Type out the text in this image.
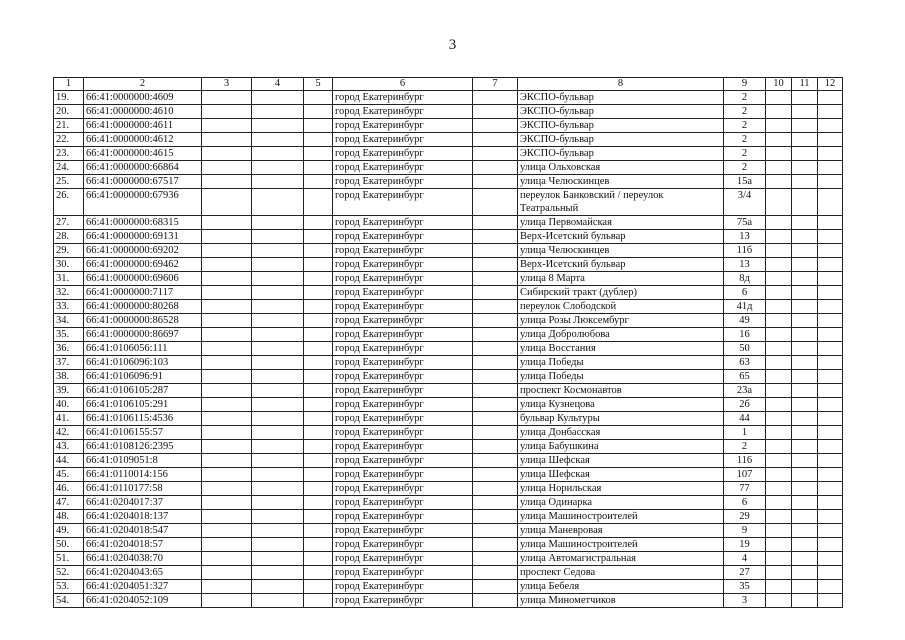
3
1	2	3	4	5	6	7	8	9	10	11	12
19.	66:41:0000000:4609				город Екатеринбург		ЭКСПО-бульвар	2			
20.	66:41:0000000:4610				город Екатеринбург		ЭКСПО-бульвар	2			
21.	66:41:0000000:4611				город Екатеринбург		ЭКСПО-бульвар	2			
22.	66:41:0000000:4612				город Екатеринбург		ЭКСПО-бульвар	2			
23.	66:41:0000000:4615				город Екатеринбург		ЭКСПО-бульвар	2			
24.	66:41:0000000:66864				город Екатеринбург		улица Ольховская	2			
25.	66:41:0000000:67517				город Екатеринбург		улица Челюскинцев	15а			
26.	66:41:0000000:67936				город Екатеринбург		переулок Банковский / переулок Театральный	3/4			
27.	66:41:0000000:68315				город Екатеринбург		улица Первомайская	75а			
28.	66:41:0000000:69131				город Екатеринбург		Верх-Исетский бульвар	13			
29.	66:41:0000000:69202				город Екатеринбург		улица Челюскинцев	11б			
30.	66:41:0000000:69462				город Екатеринбург		Верх-Исетский бульвар	13			
31.	66:41:0000000:69606				город Екатеринбург		улица 8 Марта	8д			
32.	66:41:0000000:7117				город Екатеринбург		Сибирский тракт (дублер)	6			
33.	66:41:0000000:80268				город Екатеринбург		переулок Слободской	41д			
34.	66:41:0000000:86528				город Екатеринбург		улица Розы Люксембург	49			
35.	66:41:0000000:86697				город Екатеринбург		улица Добролюбова	16			
36.	66:41:0106056:111				город Екатеринбург		улица Восстания	50			
37.	66:41:0106096:103				город Екатеринбург		улица Победы	63			
38.	66:41:0106096:91				город Екатеринбург		улица Победы	65			
39.	66:41:0106105:287				город Екатеринбург		проспект Космонавтов	23а			
40.	66:41:0106105:291				город Екатеринбург		улица Кузнецова	2б			
41.	66:41:0106115:4536				город Екатеринбург		бульвар Культуры	44			
42.	66:41:0106155:57				город Екатеринбург		улица Донбасская	1			
43.	66:41:0108126:2395				город Екатеринбург		улица Бабушкина	2			
44.	66:41:0109051:8				город Екатеринбург		улица Шефская	116			
45.	66:41:0110014:156				город Екатеринбург		улица Шефская	107			
46.	66:41:0110177:58				город Екатеринбург		улица Норильская	77			
47.	66:41:0204017:37				город Екатеринбург		улица Одинарка	6			
48.	66:41:0204018:137				город Екатеринбург		улица Машиностроителей	29			
49.	66:41:0204018:547				город Екатеринбург		улица Маневровая	9			
50.	66:41:0204018:57				город Екатеринбург		улица Машиностроителей	19			
51.	66:41:0204038:70				город Екатеринбург		улица Автомагистральная	4			
52.	66:41:0204043:65				город Екатеринбург		проспект Седова	27			
53.	66:41:0204051:327				город Екатеринбург		улица Бебеля	35			
54.	66:41:0204052:109				город Екатеринбург		улица Минометчиков	3			
